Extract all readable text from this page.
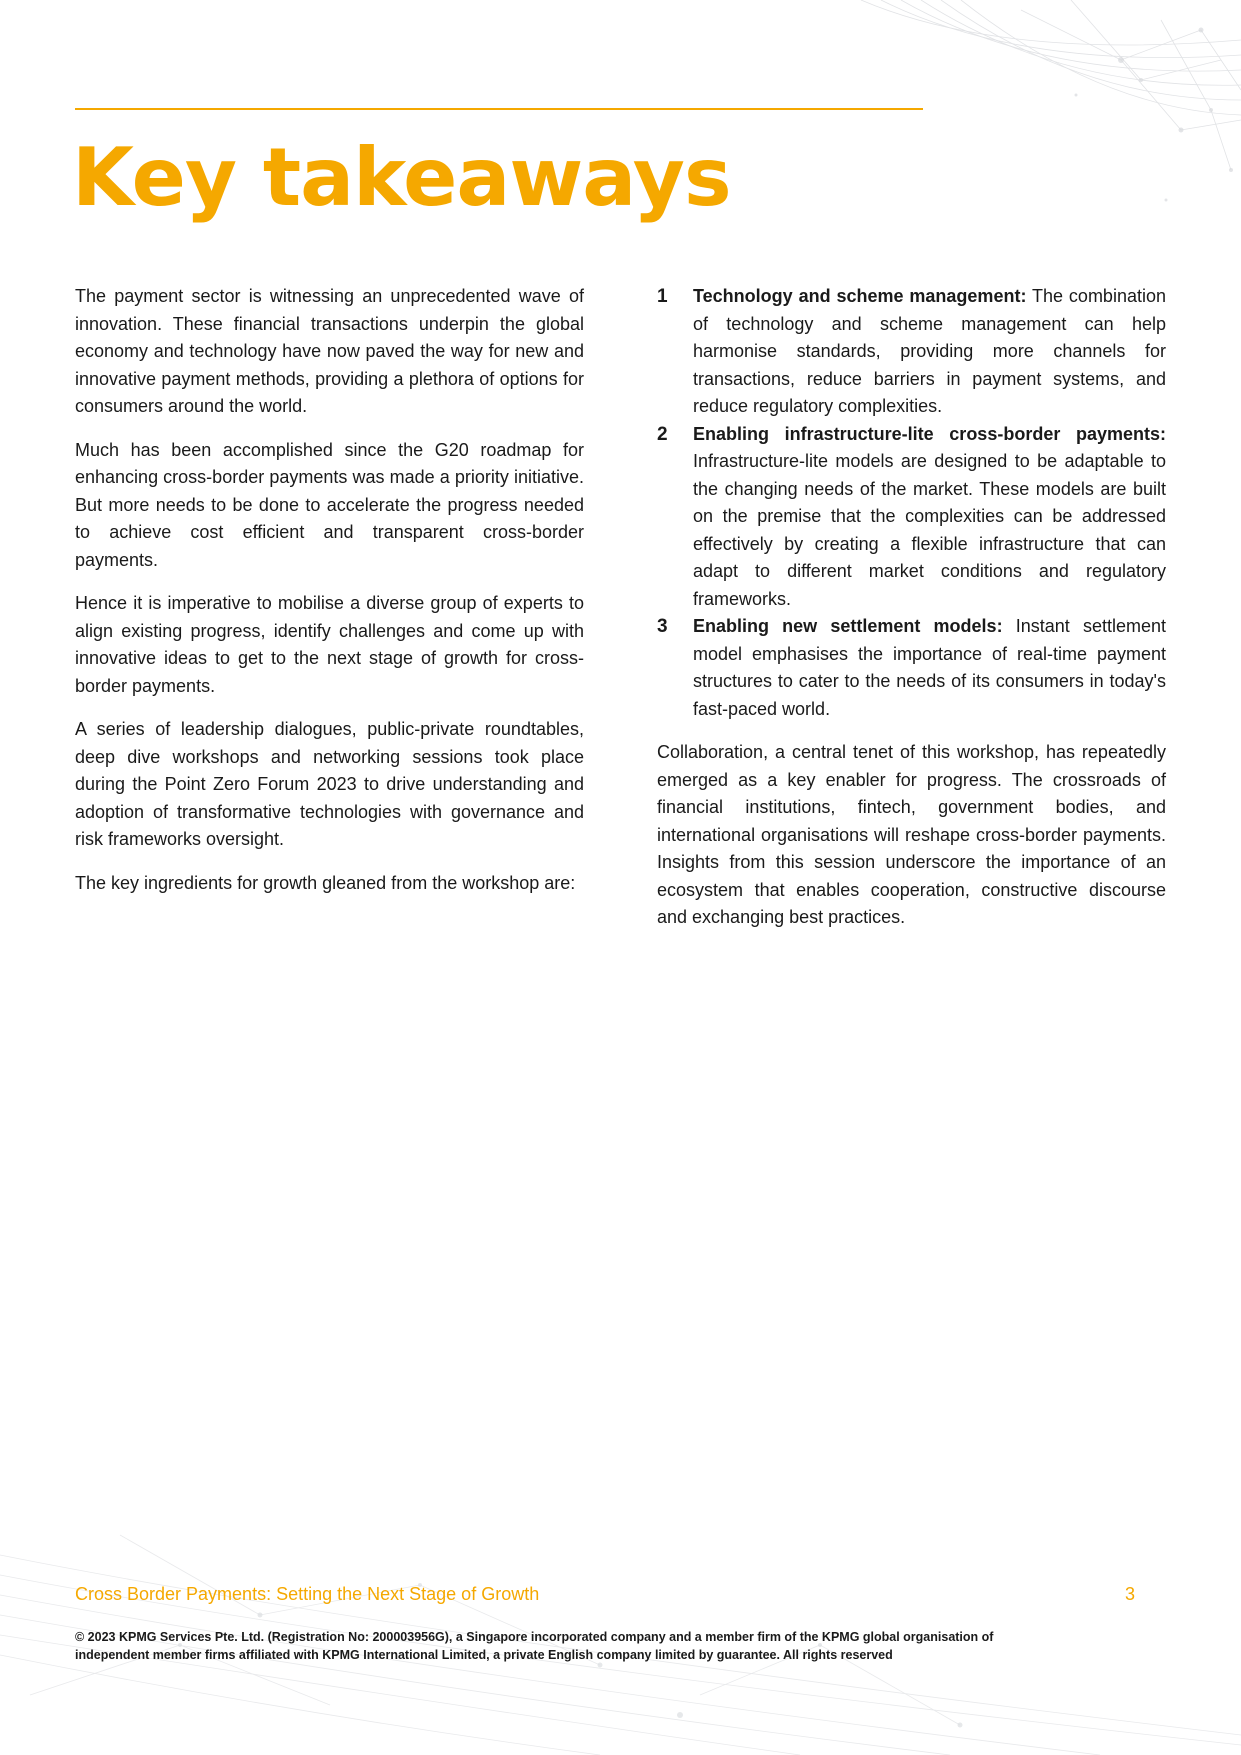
Key takeaways

The payment sector is witnessing an unprecedented wave of innovation. These financial transactions underpin the global economy and technology have now paved the way for new and innovative payment methods, providing a plethora of options for consumers around the world.

Much has been accomplished since the G20 roadmap for enhancing cross-border payments was made a priority initiative. But more needs to be done to accelerate the progress needed to achieve cost efficient and transparent cross-border payments.

Hence it is imperative to mobilise a diverse group of experts to align existing progress, identify challenges and come up with innovative ideas to get to the next stage of growth for cross-border payments.

A series of leadership dialogues, public-private roundtables, deep dive workshops and networking sessions took place during the Point Zero Forum 2023 to drive understanding and adoption of transformative technologies with governance and risk frameworks oversight.

The key ingredients for growth gleaned from the workshop are:

1 Technology and scheme management: The combination of technology and scheme management can help harmonise standards, providing more channels for transactions, reduce barriers in payment systems, and reduce regulatory complexities.
2 Enabling infrastructure-lite cross-border payments: Infrastructure-lite models are designed to be adaptable to the changing needs of the market. These models are built on the premise that the complexities can be addressed effectively by creating a flexible infrastructure that can adapt to different market conditions and regulatory frameworks.
3 Enabling new settlement models: Instant settlement model emphasises the importance of real-time payment structures to cater to the needs of its consumers in today's fast-paced world.

Collaboration, a central tenet of this workshop, has repeatedly emerged as a key enabler for progress. The crossroads of financial institutions, fintech, government bodies, and international organisations will reshape cross-border payments. Insights from this session underscore the importance of an ecosystem that enables cooperation, constructive discourse and exchanging best practices.

Cross Border Payments: Setting the Next Stage of Growth	3
© 2023 KPMG Services Pte. Ltd. (Registration No: 200003956G), a Singapore incorporated company and a member firm of the KPMG global organisation of independent member firms affiliated with KPMG International Limited, a private English company limited by guarantee. All rights reserved
